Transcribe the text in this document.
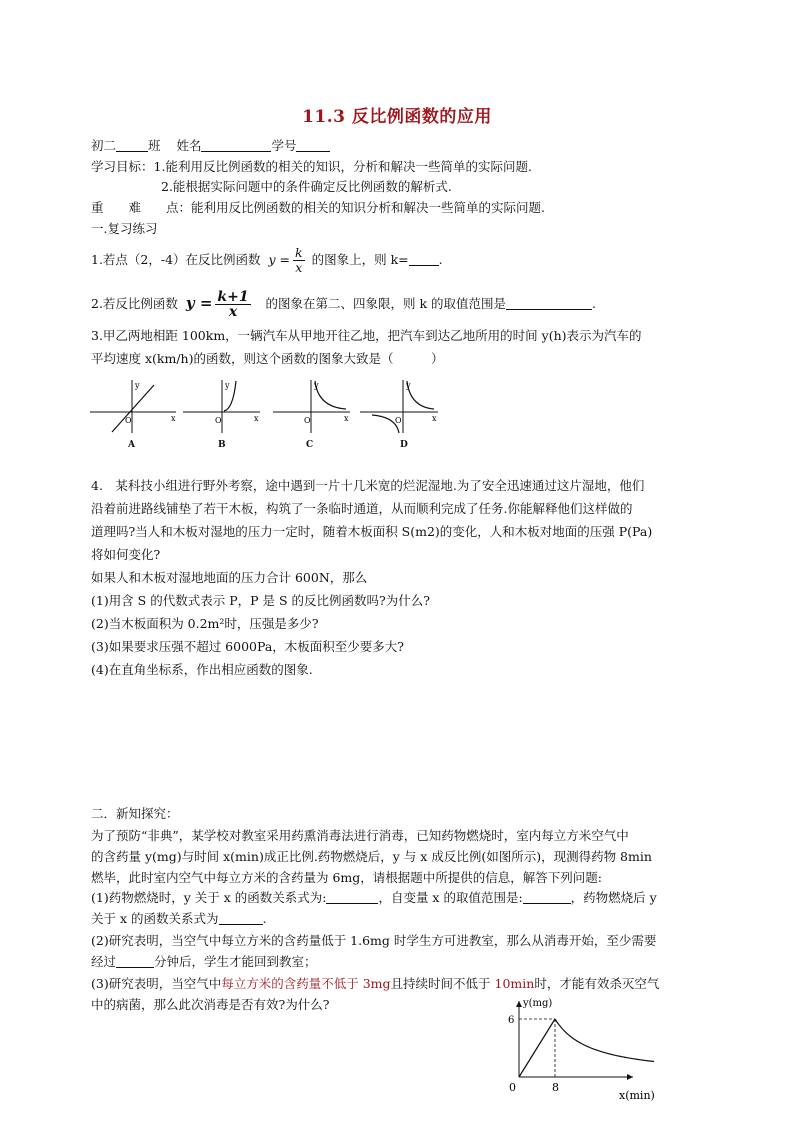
11.3 反比例函数的应用
初二	班 姓名	学号
学习目标：1.能利用反比例函数的相关的知识，分析和解决一些简单的实际问题.
2.能根据实际问题中的条件确定反比例函数的解析式.
重　　难　　点：能利用反比例函数的相关的知识分析和解决一些简单的实际问题.
一.复习练习
1.若点（2，-4）在反比例函数 $y = \frac{k}{x}$ 的图象上，则 k= .
2.若反比例函数 $y = \frac{k+1}{x}$ 的图象在第二、四象限，则 k 的取值范围是	.
3.甲乙两地相距 100km，一辆汽车从甲地开往乙地，把汽车到达乙地所用的时间 y(h)表示为汽车的
平均速度 x(km/h)的函数，则这个函数的图象大致是（　　　）
y
x
O
y
x
O
y
x
O
y
x
O
A	B	C	D
4.　某科技小组进行野外考察，途中遇到一片十几米宽的烂泥湿地.为了安全迅速通过这片湿地，他们
沿着前进路线铺垫了若干木板，构筑了一条临时通道，从而顺利完成了任务.你能解释他们这样做的
道理吗?当人和木板对湿地的压力一定时，随着木板面积 S(m2)的变化，人和木板对地面的压强 P(Pa)
将如何变化?
如果人和木板对湿地地面的压力合计 600N，那么
(1)用含 S 的代数式表示 P，P 是 S 的反比例函数吗?为什么?
(2)当木板面积为 0.2m²时，压强是多少?
(3)如果要求压强不超过 6000Pa，木板面积至少要多大?
(4)在直角坐标系，作出相应函数的图象.
二．新知探究：
为了预防“非典”，某学校对教室采用药熏消毒法进行消毒，已知药物燃烧时，室内每立方米空气中
的含药量 y(mg)与时间 x(min)成正比例.药物燃烧后，y 与 x 成反比例(如图所示)，现测得药物 8min
燃毕，此时室内空气中每立方米的含药量为 6mg，请根据题中所提供的信息，解答下列问题:
(1)药物燃烧时，y 关于 x 的函数关系式为:	，自变量 x 的取值范围是:	，药物燃烧后 y
关于 x 的函数关系式为	.
(2)研究表明，当空气中每立方米的含药量低于 1.6mg 时学生方可进教室，那么从消毒开始，至少需要
经过	分钟后，学生才能回到教室；
(3)研究表明，当空气中每立方米的含药量不低于 3mg且持续时间不低于 10min时，才能有效杀灭空气
中的病菌，那么此次消毒是否有效?为什么?	y(mg)
x(min)
0	8
6
